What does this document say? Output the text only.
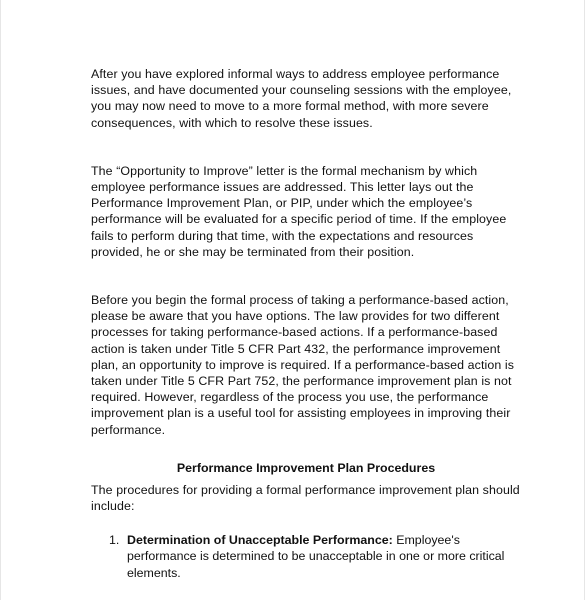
After you have explored informal ways to address employee performance issues, and have documented your counseling sessions with the employee, you may now need to move to a more formal method, with more severe consequences, with which to resolve these issues.

The “Opportunity to Improve” letter is the formal mechanism by which employee performance issues are addressed. This letter lays out the Performance Improvement Plan, or PIP, under which the employee’s performance will be evaluated for a specific period of time. If the employee fails to perform during that time, with the expectations and resources provided, he or she may be terminated from their position.

Before you begin the formal process of taking a performance-based action, please be aware that you have options. The law provides for two different processes for taking performance-based actions. If a performance-based action is taken under Title 5 CFR Part 432, the performance improvement plan, an opportunity to improve is required. If a performance-based action is taken under Title 5 CFR Part 752, the performance improvement plan is not required. However, regardless of the process you use, the performance improvement plan is a useful tool for assisting employees in improving their performance.

Performance Improvement Plan Procedures

The procedures for providing a formal performance improvement plan should include:

1. Determination of Unacceptable Performance: Employee's performance is determined to be unacceptable in one or more critical elements.
